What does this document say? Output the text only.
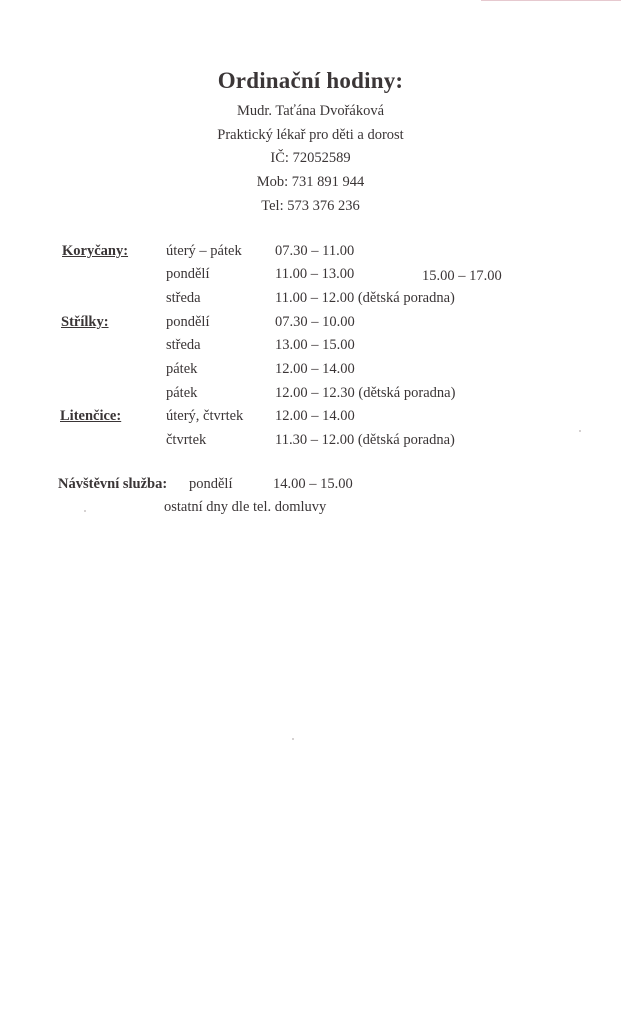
Ordinační hodiny:
Mudr. Taťána Dvořáková
Praktický lékař pro děti a dorost
IČ: 72052589
Mob: 731 891 944
Tel: 573 376 236
Koryčany:	úterý – pátek 07.30 – 11.00
pondělí	11.00 – 13.00	15.00 – 17.00
středa	11.00 – 12.00 (dětská poradna)
Střílky:	pondělí	07.30 – 10.00
středa	13.00 – 15.00
pátek	12.00 – 14.00
pátek	12.00 – 12.30 (dětská poradna)
Litenčice:	úterý, čtvrtek 12.00 – 14.00
čtvrtek	11.30 – 12.00 (dětská poradna)
Návštěvní služba: pondělí	14.00 – 15.00
ostatní dny dle tel. domluvy
